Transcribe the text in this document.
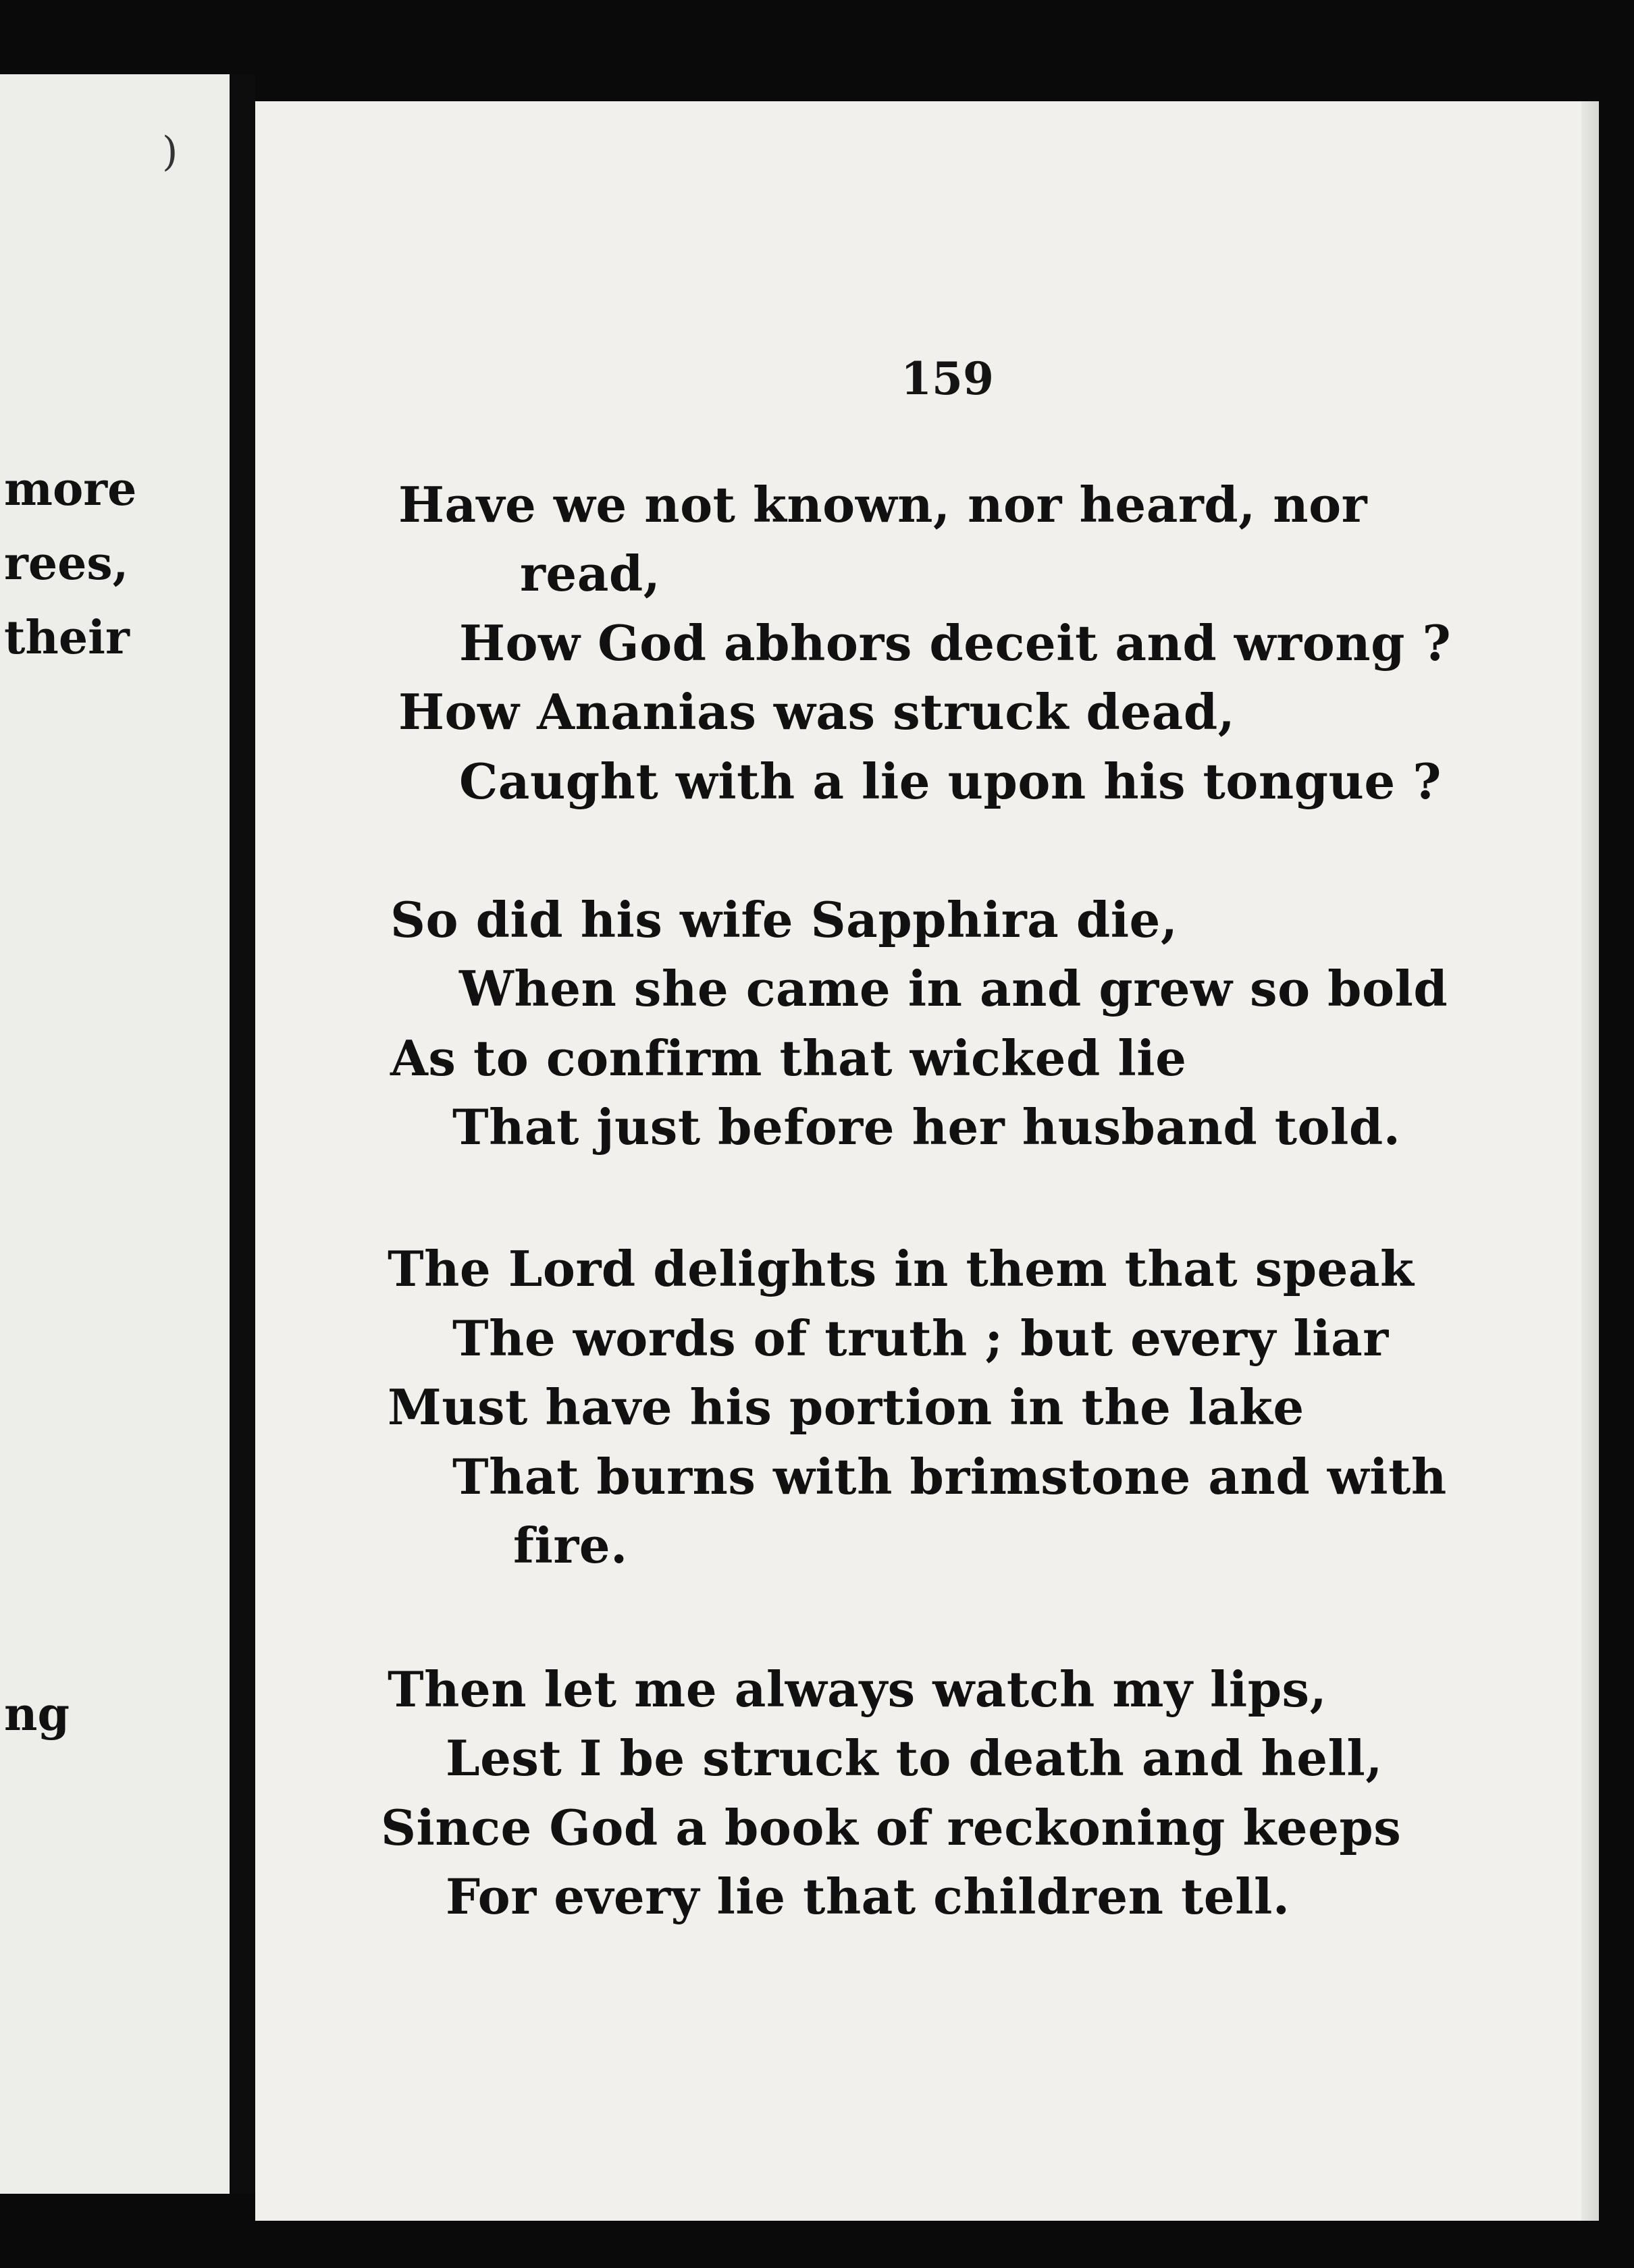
)
more
rees,
their
ng
159
Have we not known, nor heard, nor
read,
How God abhors deceit and wrong ?
How Ananias was struck dead,
Caught with a lie upon his tongue ?
So did his wife Sapphira die,
When she came in and grew so bold
As to confirm that wicked lie
That just before her husband told.
The Lord delights in them that speak
The words of truth ; but every liar
Must have his portion in the lake
That burns with brimstone and with
fire.
Then let me always watch my lips,
Lest I be struck to death and hell,
Since God a book of reckoning keeps
For every lie that children tell.
